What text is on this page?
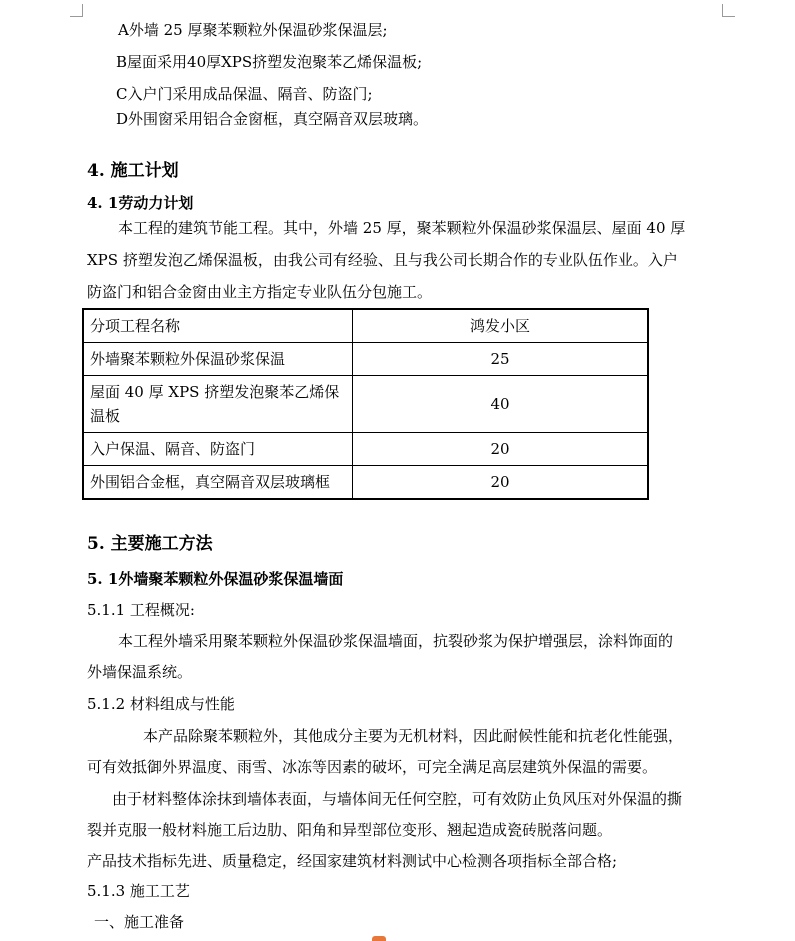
A外墙 25 厚聚苯颗粒外保温砂浆保温层;
B屋面采用40厚XPS挤塑发泡聚苯乙烯保温板;
C入户门采用成品保温、隔音、防盗门;
D外围窗采用铝合金窗框，真空隔音双层玻璃。
4. 施工计划
4. 1劳动力计划
本工程的建筑节能工程。其中，外墙 25 厚，聚苯颗粒外保温砂浆保温层、屋面 40 厚
XPS 挤塑发泡乙烯保温板，由我公司有经验、且与我公司长期合作的专业队伍作业。入户
防盗门和铝合金窗由业主方指定专业队伍分包施工。
分项工程名称	鸿发小区
外墙聚苯颗粒外保温砂浆保温	25
屋面 40 厚 XPS 挤塑发泡聚苯乙烯保温板	40
入户保温、隔音、防盗门	20
外围铝合金框，真空隔音双层玻璃框	20
5. 主要施工方法
5. 1外墙聚苯颗粒外保温砂浆保温墙面
5.1.1 工程概况:
本工程外墙采用聚苯颗粒外保温砂浆保温墙面，抗裂砂浆为保护增强层，涂料饰面的
外墙保温系统。
5.1.2 材料组成与性能
本产品除聚苯颗粒外，其他成分主要为无机材料，因此耐候性能和抗老化性能强，
可有效抵御外界温度、雨雪、冰冻等因素的破坏，可完全满足高层建筑外保温的需要。
由于材料整体涂抹到墙体表面，与墙体间无任何空腔，可有效防止负风压对外保温的撕
裂并克服一般材料施工后边肋、阳角和异型部位变形、翘起造成瓷砖脱落问题。
产品技术指标先进、质量稳定，经国家建筑材料测试中心检测各项指标全部合格;
5.1.3 施工工艺
一、施工准备
